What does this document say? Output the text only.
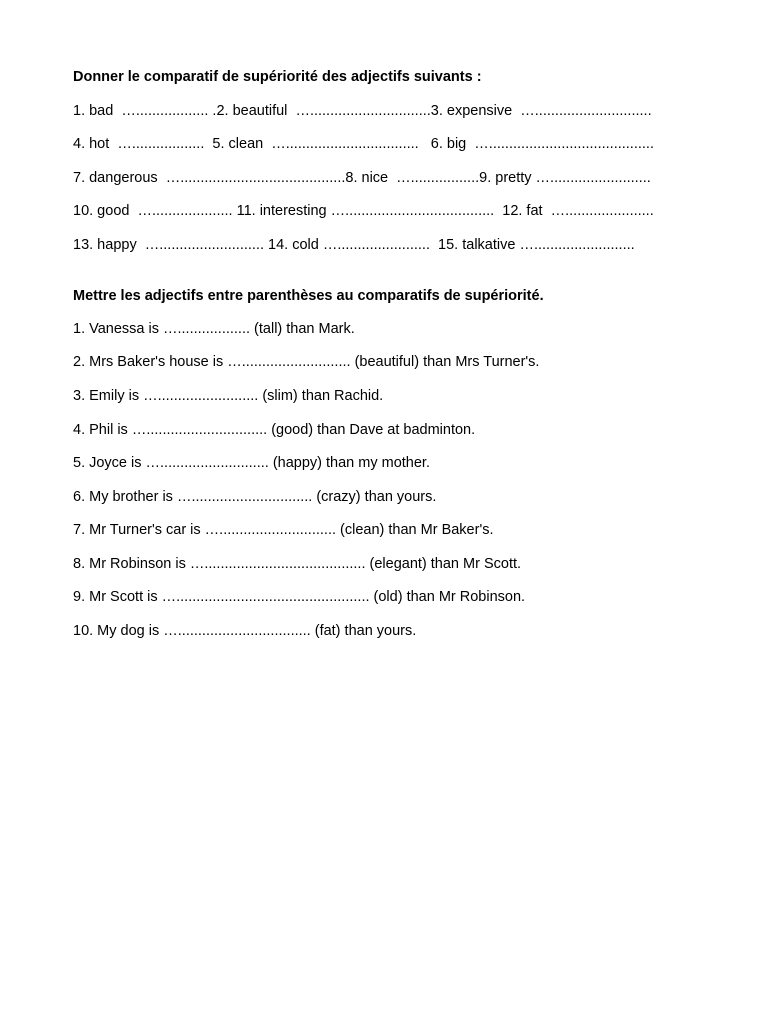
Donner le comparatif de supériorité des adjectifs suivants :
1. bad  ….................. .2. beautiful  …..............................3. expensive  ….............................
4. hot  …..................  5. clean  ….................................   6. big  ….........................................
7. dangerous  ….........................................8. nice  ….................9. pretty ….........................
10. good  ….................... 11. interesting ….....................................  12. fat  …......................
13. happy  ….......................... 14. cold ….......................  15. talkative ….........................
Mettre les adjectifs entre parenthèses au comparatifs de supériorité.
1. Vanessa is ….................. (tall) than Mark.
2. Mrs Baker's house is …........................... (beautiful) than Mrs Turner's.
3. Emily is …......................... (slim) than Rachid.
4. Phil is ….............................. (good) than Dave at badminton.
5. Joyce is …........................... (happy) than my mother.
6. My brother is ….............................. (crazy) than yours.
7. Mr Turner's car is …............................. (clean) than Mr Baker's.
8. Mr Robinson is …........................................ (elegant) than Mr Scott.
9. Mr Scott is …................................................ (old) than Mr Robinson.
10. My dog is …................................. (fat) than yours.
